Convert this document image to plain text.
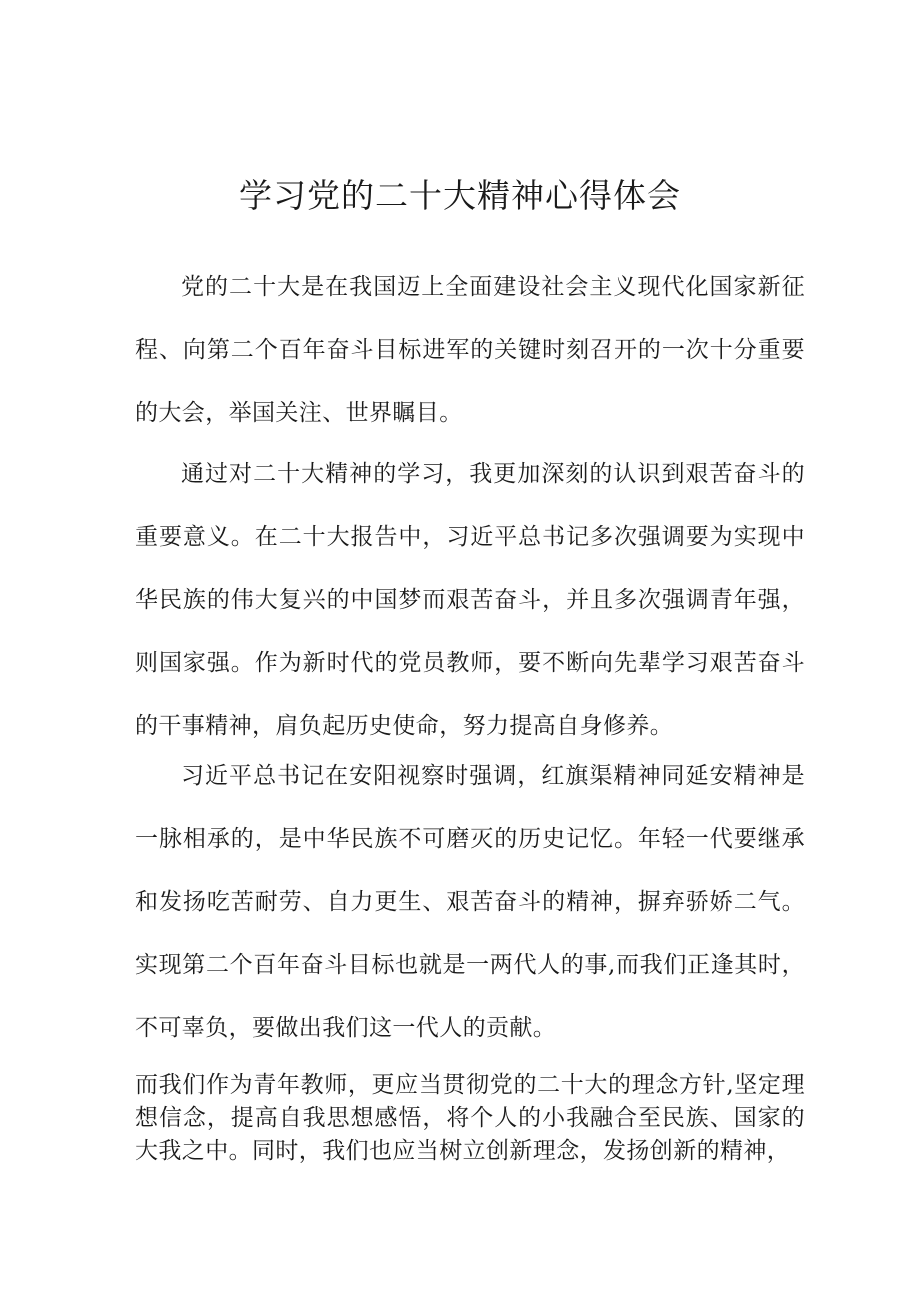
学习党的二十大精神心得体会

党的二十大是在我国迈上全面建设社会主义现代化国家新征程、向第二个百年奋斗目标进军的关键时刻召开的一次十分重要的大会，举国关注、世界瞩目。

通过对二十大精神的学习，我更加深刻的认识到艰苦奋斗的重要意义。在二十大报告中，习近平总书记多次强调要为实现中华民族的伟大复兴的中国梦而艰苦奋斗，并且多次强调青年强，则国家强。作为新时代的党员教师，要不断向先辈学习艰苦奋斗的干事精神，肩负起历史使命，努力提高自身修养。

习近平总书记在安阳视察时强调，红旗渠精神同延安精神是一脉相承的，是中华民族不可磨灭的历史记忆。年轻一代要继承和发扬吃苦耐劳、自力更生、艰苦奋斗的精神，摒弃骄娇二气。实现第二个百年奋斗目标也就是一两代人的事,而我们正逢其时，不可辜负，要做出我们这一代人的贡献。

而我们作为青年教师，更应当贯彻党的二十大的理念方针,坚定理想信念，提高自我思想感悟，将个人的小我融合至民族、国家的大我之中。同时，我们也应当树立创新理念，发扬创新的精神，
